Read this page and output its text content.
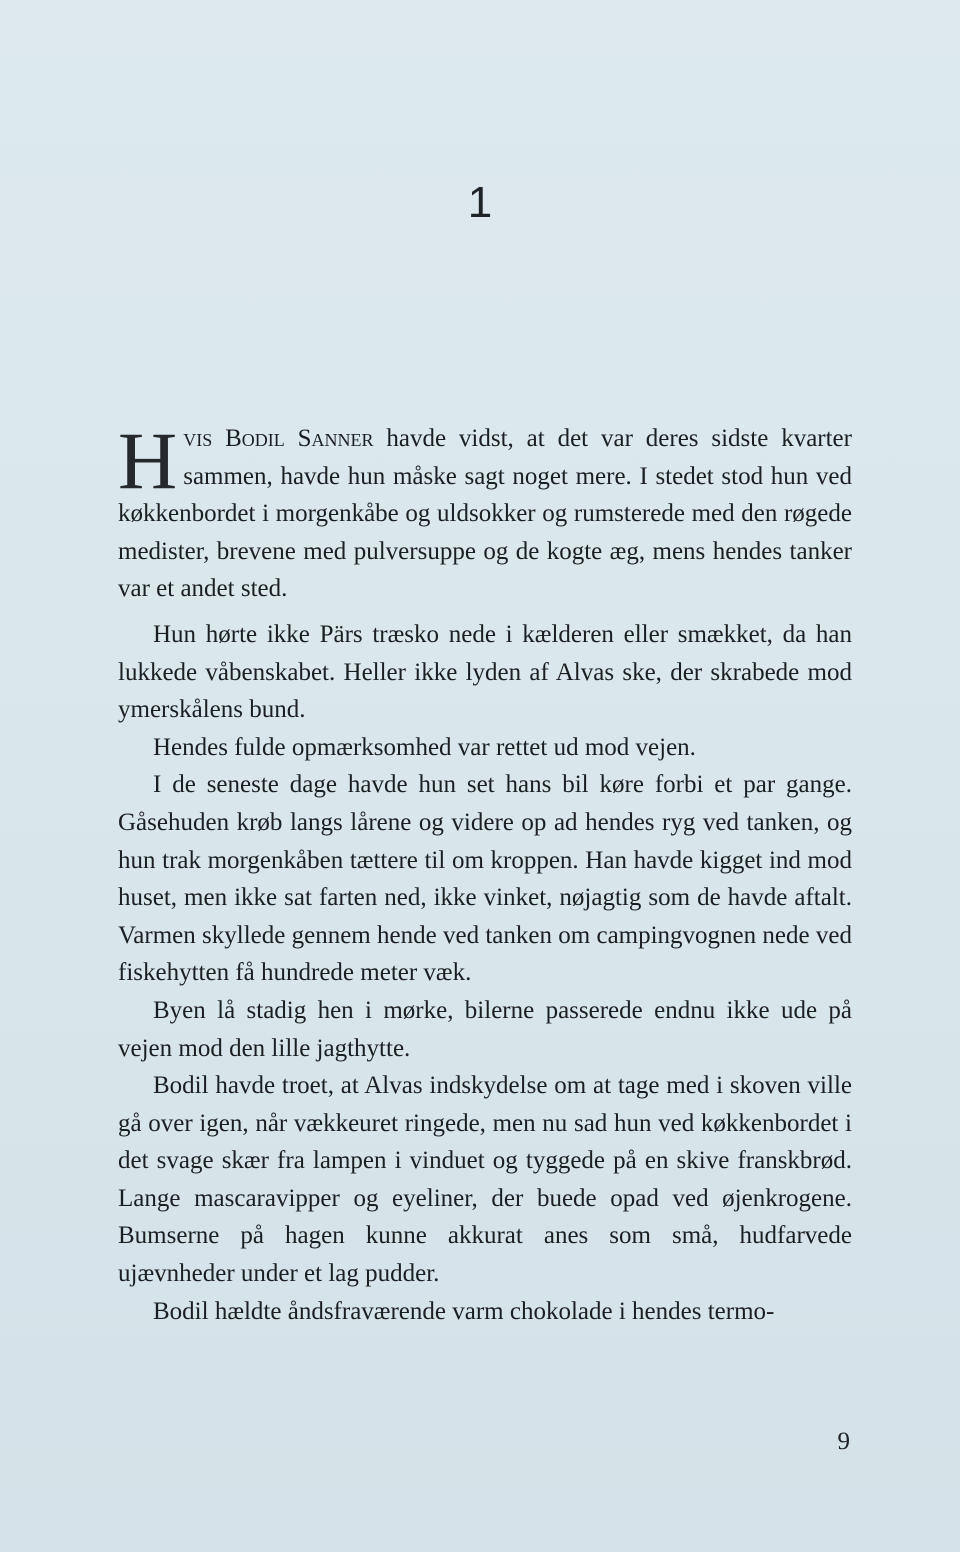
1

Hvis Bodil Sanner havde vidst, at det var deres sidste kvarter sammen, havde hun måske sagt noget mere. I stedet stod hun ved køkkenbordet i morgenkåbe og uldsokker og rumsterede med den røgede medister, brevene med pulversuppe og de kogte æg, mens hendes tanker var et andet sted.

Hun hørte ikke Pärs træsko nede i kælderen eller smækket, da han lukkede våbenskabet. Heller ikke lyden af Alvas ske, der skrabede mod ymerskålens bund.

Hendes fulde opmærksomhed var rettet ud mod vejen.

I de seneste dage havde hun set hans bil køre forbi et par gange. Gåsehuden krøb langs lårene og videre op ad hendes ryg ved tanken, og hun trak morgenkåben tættere til om kroppen. Han havde kigget ind mod huset, men ikke sat farten ned, ikke vinket, nøjagtig som de havde aftalt. Varmen skyllede gennem hende ved tanken om campingvognen nede ved fiskehytten få hundrede meter væk.

Byen lå stadig hen i mørke, bilerne passerede endnu ikke ude på vejen mod den lille jagthytte.

Bodil havde troet, at Alvas indskydelse om at tage med i skoven ville gå over igen, når vækkeuret ringede, men nu sad hun ved køkkenbordet i det svage skær fra lampen i vinduet og tyggede på en skive franskbrød. Lange mascaravipper og eyeliner, der buede opad ved øjenkrogene. Bumserne på hagen kunne akkurat anes som små, hudfarvede ujævnheder under et lag pudder.

Bodil hældte åndsfraværende varm chokolade i hendes termo-

9
